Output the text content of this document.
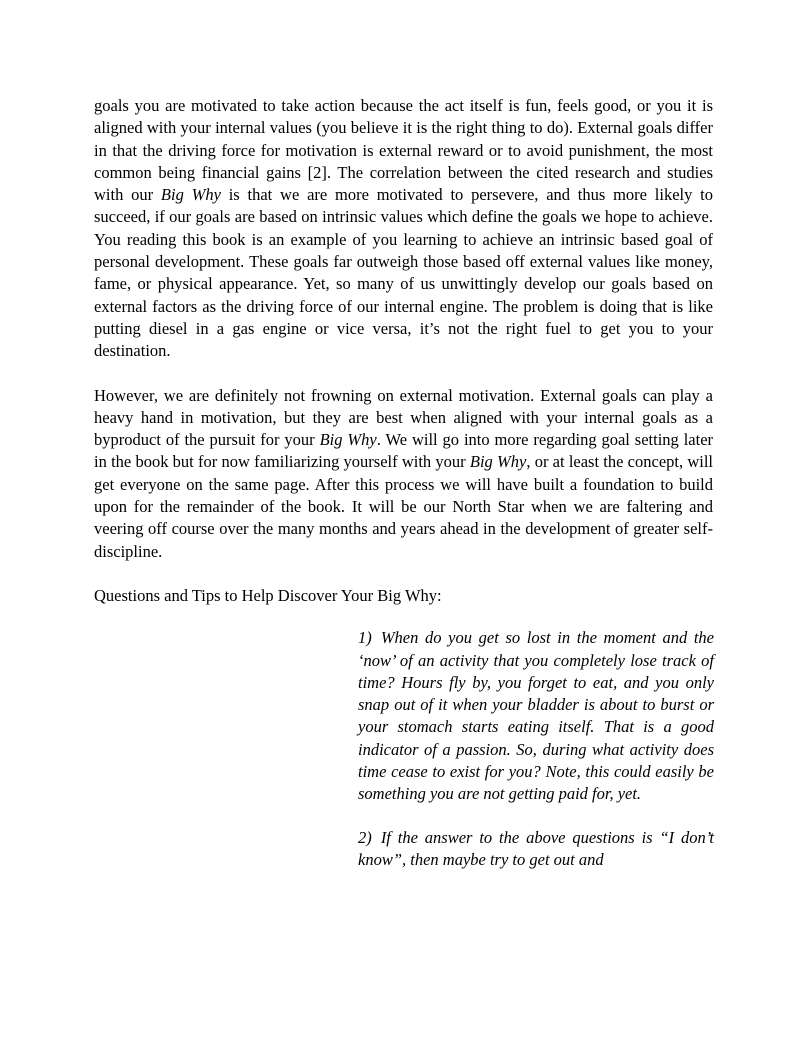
goals you are motivated to take action because the act itself is fun, feels good, or you it is aligned with your internal values (you believe it is the right thing to do). External goals differ in that the driving force for motivation is external reward or to avoid punishment, the most common being financial gains [2]. The correlation between the cited research and studies with our Big Why is that we are more motivated to persevere, and thus more likely to succeed, if our goals are based on intrinsic values which define the goals we hope to achieve. You reading this book is an example of you learning to achieve an intrinsic based goal of personal development. These goals far outweigh those based off external values like money, fame, or physical appearance. Yet, so many of us unwittingly develop our goals based on external factors as the driving force of our internal engine. The problem is doing that is like putting diesel in a gas engine or vice versa, it’s not the right fuel to get you to your destination.

However, we are definitely not frowning on external motivation. External goals can play a heavy hand in motivation, but they are best when aligned with your internal goals as a byproduct of the pursuit for your Big Why. We will go into more regarding goal setting later in the book but for now familiarizing yourself with your Big Why, or at least the concept, will get everyone on the same page. After this process we will have built a foundation to build upon for the remainder of the book. It will be our North Star when we are faltering and veering off course over the many months and years ahead in the development of greater self-discipline.

Questions and Tips to Help Discover Your Big Why:

1) When do you get so lost in the moment and the ‘now’ of an activity that you completely lose track of time? Hours fly by, you forget to eat, and you only snap out of it when your bladder is about to burst or your stomach starts eating itself. That is a good indicator of a passion. So, during what activity does time cease to exist for you? Note, this could easily be something you are not getting paid for, yet.

2) If the answer to the above questions is “I don’t know”, then maybe try to get out and
